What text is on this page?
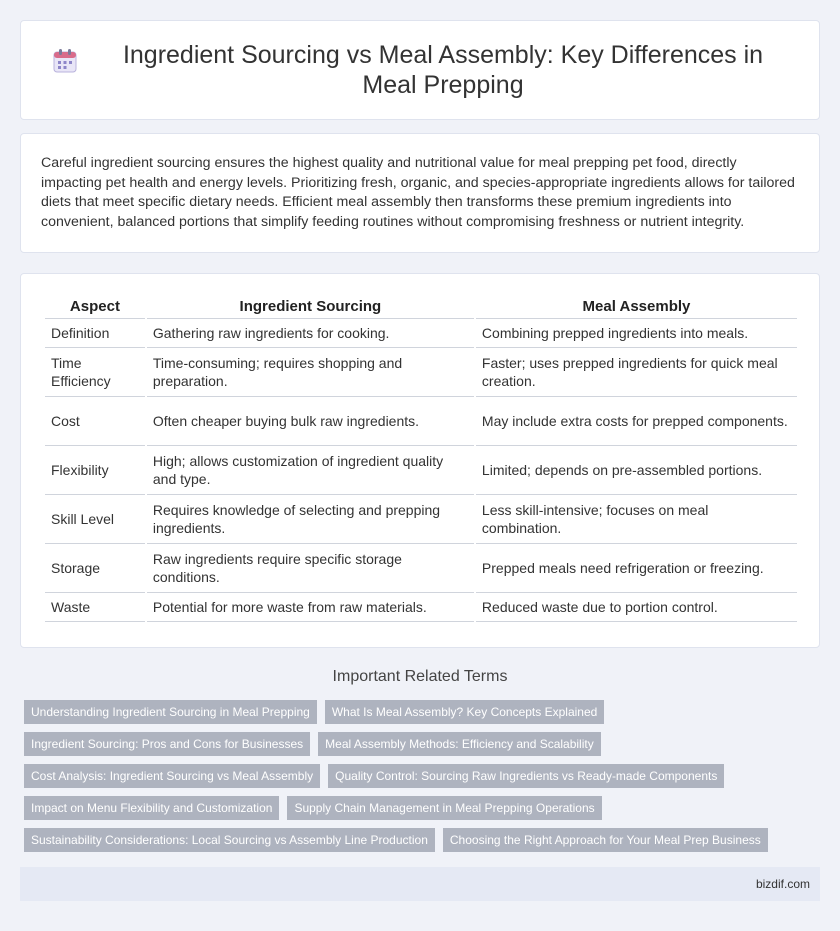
Ingredient Sourcing vs Meal Assembly: Key Differences in Meal Prepping

Careful ingredient sourcing ensures the highest quality and nutritional value for meal prepping pet food, directly impacting pet health and energy levels. Prioritizing fresh, organic, and species-appropriate ingredients allows for tailored diets that meet specific dietary needs. Efficient meal assembly then transforms these premium ingredients into convenient, balanced portions that simplify feeding routines without compromising freshness or nutrient integrity.

Aspect	Ingredient Sourcing	Meal Assembly
Definition	Gathering raw ingredients for cooking.	Combining prepped ingredients into meals.
Time Efficiency	Time-consuming; requires shopping and preparation.	Faster; uses prepped ingredients for quick meal creation.
Cost	Often cheaper buying bulk raw ingredients.	May include extra costs for prepped components.
Flexibility	High; allows customization of ingredient quality and type.	Limited; depends on pre-assembled portions.
Skill Level	Requires knowledge of selecting and prepping ingredients.	Less skill-intensive; focuses on meal combination.
Storage	Raw ingredients require specific storage conditions.	Prepped meals need refrigeration or freezing.
Waste	Potential for more waste from raw materials.	Reduced waste due to portion control.
Important Related Terms
Understanding Ingredient Sourcing in Meal Prepping	What Is Meal Assembly? Key Concepts Explained
Ingredient Sourcing: Pros and Cons for Businesses	Meal Assembly Methods: Efficiency and Scalability
Cost Analysis: Ingredient Sourcing vs Meal Assembly	Quality Control: Sourcing Raw Ingredients vs Ready-made Components
Impact on Menu Flexibility and Customization	Supply Chain Management in Meal Prepping Operations
Sustainability Considerations: Local Sourcing vs Assembly Line Production	Choosing the Right Approach for Your Meal Prep Business
bizdif.com
